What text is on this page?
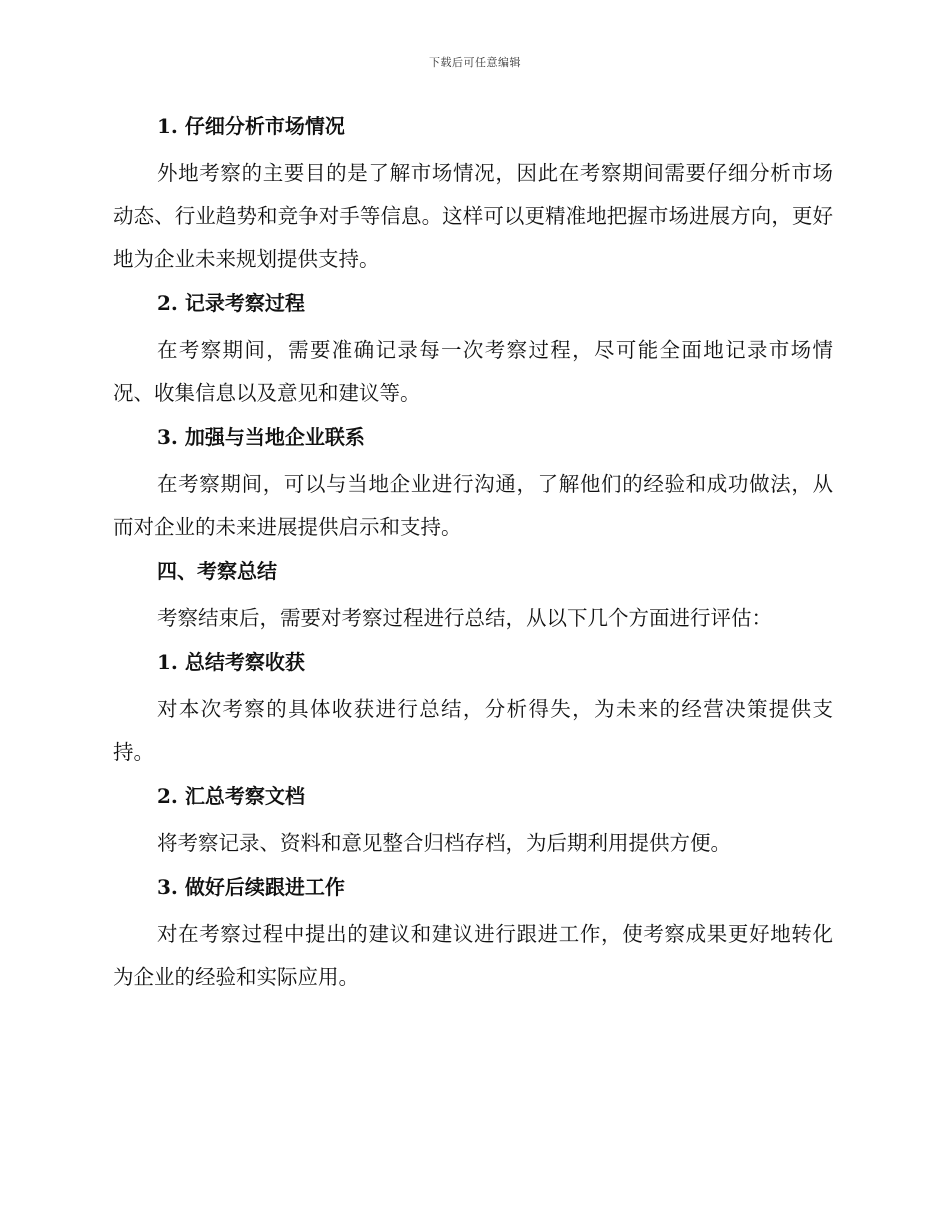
下载后可任意编辑

1. 仔细分析市场情况

外地考察的主要目的是了解市场情况，因此在考察期间需要仔细分析市场动态、行业趋势和竞争对手等信息。这样可以更精准地把握市场进展方向，更好地为企业未来规划提供支持。

2. 记录考察过程

在考察期间，需要准确记录每一次考察过程，尽可能全面地记录市场情况、收集信息以及意见和建议等。

3. 加强与当地企业联系

在考察期间，可以与当地企业进行沟通，了解他们的经验和成功做法，从而对企业的未来进展提供启示和支持。

四、考察总结

考察结束后，需要对考察过程进行总结，从以下几个方面进行评估：

1. 总结考察收获

对本次考察的具体收获进行总结，分析得失，为未来的经营决策提供支持。

2. 汇总考察文档

将考察记录、资料和意见整合归档存档，为后期利用提供方便。

3. 做好后续跟进工作

对在考察过程中提出的建议和建议进行跟进工作，使考察成果更好地转化为企业的经验和实际应用。
